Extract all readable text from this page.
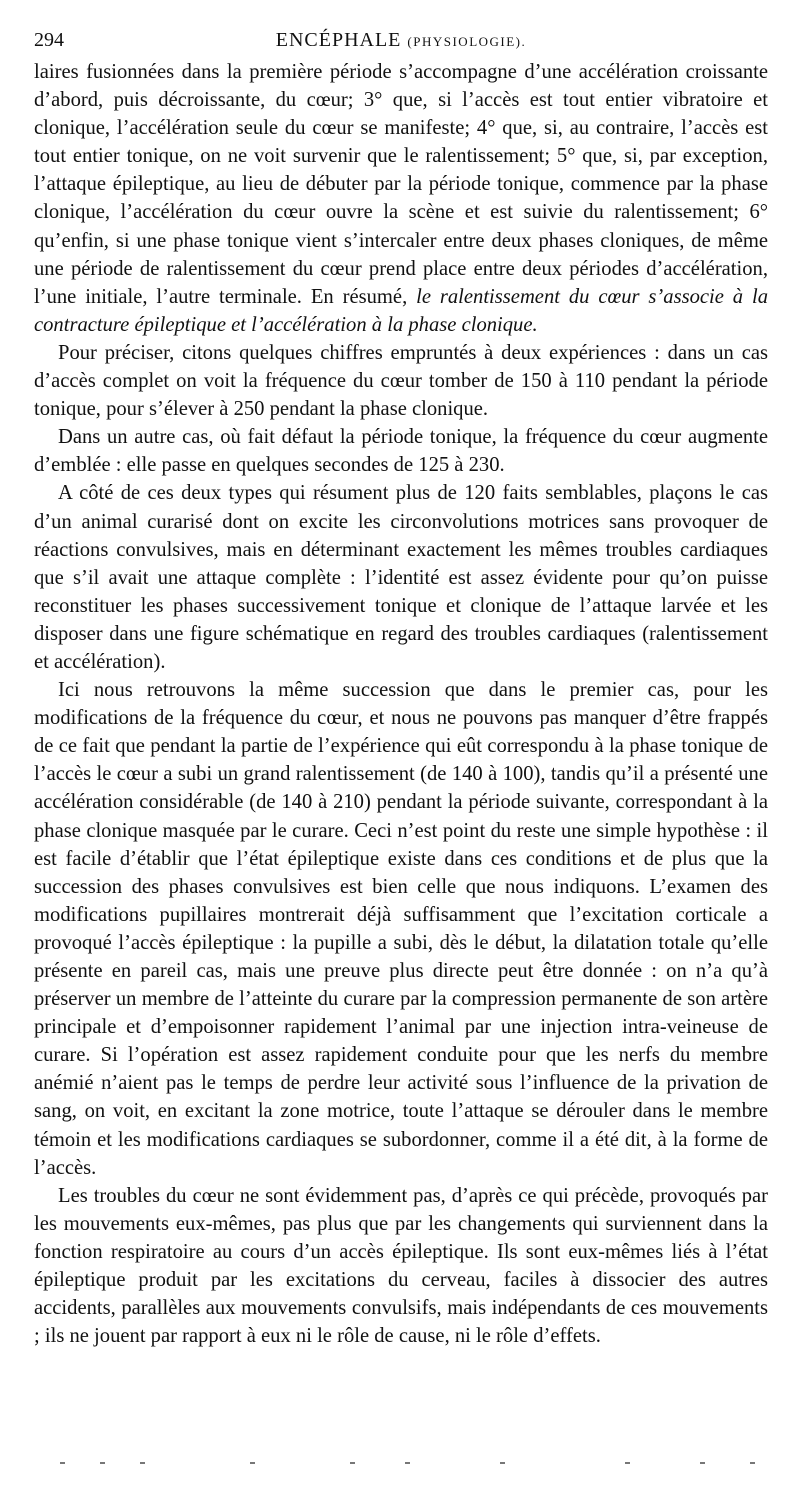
294	ENCÉPHALE (PHYSIOLOGIE).

laires fusionnées dans la première période s’accompagne d’une accélération croissante d’abord, puis décroissante, du cœur; 3° que, si l’accès est tout entier vibratoire et clonique, l’accélération seule du cœur se manifeste; 4° que, si, au contraire, l’accès est tout entier tonique, on ne voit survenir que le ralentissement; 5° que, si, par exception, l’attaque épileptique, au lieu de débuter par la période tonique, commence par la phase clonique, l’accélération du cœur ouvre la scène et est suivie du ralentissement; 6° qu’enfin, si une phase tonique vient s’intercaler entre deux phases cloniques, de même une période de ralentissement du cœur prend place entre deux périodes d’accélération, l’une initiale, l’autre terminale. En résumé, le ralentissement du cœur s’associe à la contracture épileptique et l’accélération à la phase clonique.

Pour préciser, citons quelques chiffres empruntés à deux expériences : dans un cas d’accès complet on voit la fréquence du cœur tomber de 150 à 110 pendant la période tonique, pour s’élever à 250 pendant la phase clonique.

Dans un autre cas, où fait défaut la période tonique, la fréquence du cœur augmente d’emblée : elle passe en quelques secondes de 125 à 230.

A côté de ces deux types qui résument plus de 120 faits semblables, plaçons le cas d’un animal curarisé dont on excite les circonvolutions motrices sans provoquer de réactions convulsives, mais en déterminant exactement les mêmes troubles cardiaques que s’il avait une attaque complète : l’identité est assez évidente pour qu’on puisse reconstituer les phases successivement tonique et clonique de l’attaque larvée et les disposer dans une figure schématique en regard des troubles cardiaques (ralentissement et accélération).

Ici nous retrouvons la même succession que dans le premier cas, pour les modifications de la fréquence du cœur, et nous ne pouvons pas manquer d’être frappés de ce fait que pendant la partie de l’expérience qui eût correspondu à la phase tonique de l’accès le cœur a subi un grand ralentissement (de 140 à 100), tandis qu’il a présenté une accélération considérable (de 140 à 210) pendant la période suivante, correspondant à la phase clonique masquée par le curare. Ceci n’est point du reste une simple hypothèse : il est facile d’établir que l’état épileptique existe dans ces conditions et de plus que la succession des phases convulsives est bien celle que nous indiquons. L’examen des modifications pupillaires montrerait déjà suffisamment que l’excitation corticale a provoqué l’accès épileptique : la pupille a subi, dès le début, la dilatation totale qu’elle présente en pareil cas, mais une preuve plus directe peut être donnée : on n’a qu’à préserver un membre de l’atteinte du curare par la compression permanente de son artère principale et d’empoisonner rapidement l’animal par une injection intra-veineuse de curare. Si l’opération est assez rapidement conduite pour que les nerfs du membre anémié n’aient pas le temps de perdre leur activité sous l’influence de la privation de sang, on voit, en excitant la zone motrice, toute l’attaque se dérouler dans le membre témoin et les modifications cardiaques se subordonner, comme il a été dit, à la forme de l’accès.

Les troubles du cœur ne sont évidemment pas, d’après ce qui précède, provoqués par les mouvements eux-mêmes, pas plus que par les changements qui surviennent dans la fonction respiratoire au cours d’un accès épileptique. Ils sont eux-mêmes liés à l’état épileptique produit par les excitations du cerveau, faciles à dissocier des autres accidents, parallèles aux mouvements convulsifs, mais indépendants de ces mouvements ; ils ne jouent par rapport à eux ni le rôle de cause, ni le rôle d’effets.
